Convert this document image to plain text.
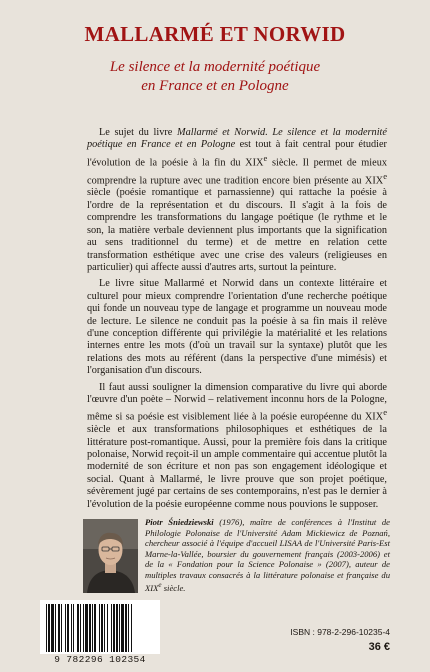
MALLARMÉ ET NORWID
Le silence et la modernité poétique
en France et en Pologne

Le sujet du livre Mallarmé et Norwid. Le silence et la modernité poétique en France et en Pologne est tout à fait central pour étudier l'évolution de la poésie à la fin du XIXe siècle. Il permet de mieux comprendre la rupture avec une tradition encore bien présente au XIXe siècle (poésie romantique et parnassienne) qui rattache la poésie à l'ordre de la représentation et du discours. Il s'agit à la fois de comprendre les transformations du langage poétique (le rythme et le son, la matière verbale deviennent plus importants que la signification au sens traditionnel du terme) et de mettre en relation cette transformation esthétique avec une crise des valeurs (religieuses en particulier) qui affecte aussi d'autres arts, surtout la peinture.

Le livre situe Mallarmé et Norwid dans un contexte littéraire et culturel pour mieux comprendre l'orientation d'une recherche poétique qui fonde un nouveau type de langage et programme un nouveau mode de lecture. Le silence ne conduit pas la poésie à sa fin mais il relève d'une conception différente qui privilégie la matérialité et les relations internes entre les mots (d'où un travail sur la syntaxe) plutôt que les relations des mots au référent (dans la perspective d'une mimésis) et l'organisation d'un discours.

Il faut aussi souligner la dimension comparative du livre qui aborde l'œuvre d'un poète – Norwid – relativement inconnu hors de la Pologne, même si sa poésie est visiblement liée à la poésie européenne du XIXe siècle et aux transformations philosophiques et esthétiques de la littérature post-romantique. Aussi, pour la première fois dans la critique polonaise, Norwid reçoit-il un ample commentaire qui accentue plutôt la modernité de son écriture et non pas son engagement idéologique et social. Quant à Mallarmé, le livre prouve que son projet poétique, sévèrement jugé par certains de ses contemporains, n'est pas le dernier à l'évolution de la poésie européenne comme nous pouvions le supposer.

Piotr Śniedziewski (1976), maître de conférences à l'Institut de Philologie Polonaise de l'Université Adam Mickiewicz de Poznań, chercheur associé à l'équipe d'accueil LISAA de l'Université Paris-Est Marne-la-Vallée, boursier du gouvernement français (2003-2006) et de la « Fondation pour la Science Polonaise » (2007), auteur de multiples travaux consacrés à la littérature polonaise et française du XIXe siècle.
9 782296 102354
ISBN : 978-2-296-10235-4
36 €
